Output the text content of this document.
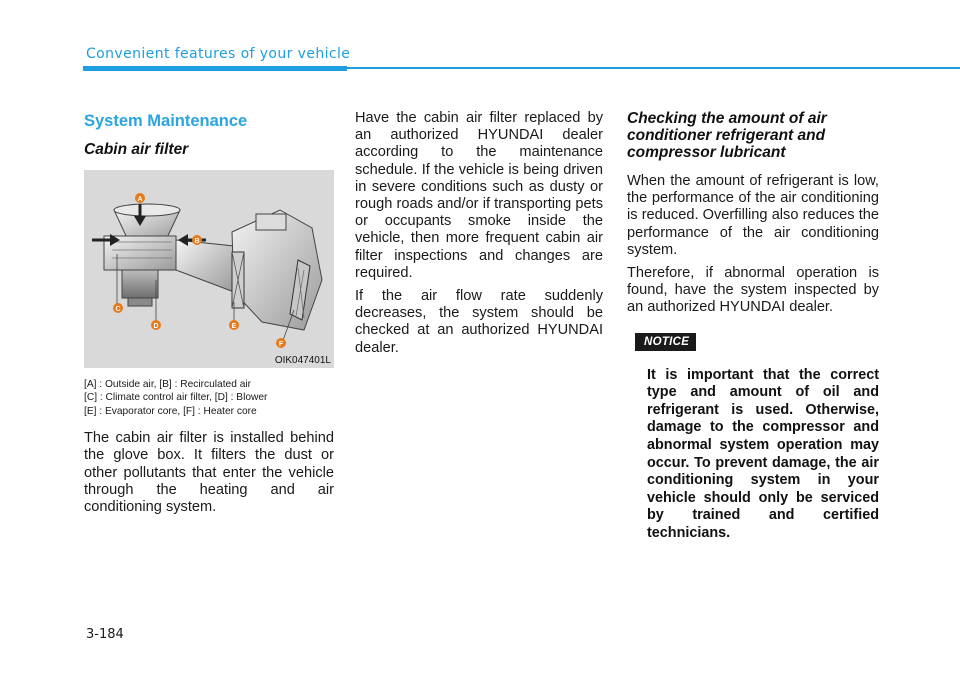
Convenient features of your vehicle
System Maintenance
Cabin air filter
A
B
C
D	E
F
OIK047401L

[A] : Outside air, [B] : Recirculated air

[C] : Climate control air filter, [D] : Blower

[E] : Evaporator core, [F] : Heater core

The cabin air filter is installed behind the glove box. It filters the dust or other pollutants that enter the vehicle through the heating and air conditioning system.

Have the cabin air filter replaced by an authorized HYUNDAI dealer according to the maintenance schedule. If the vehicle is being driven in severe conditions such as dusty or rough roads and/or if transporting pets or occupants smoke inside the vehicle, then more frequent cabin air filter inspections and changes are required.

If the air flow rate suddenly decreases, the system should be checked at an authorized HYUNDAI dealer.

Checking the amount of air conditioner refrigerant and compressor lubricant

When the amount of refrigerant is low, the performance of the air conditioning is reduced. Overfilling also reduces the performance of the air conditioning system.

Therefore, if abnormal operation is found, have the system inspected by an authorized HYUNDAI dealer.

NOTICE

It is important that the correct type and amount of oil and refrigerant is used. Otherwise, damage to the compressor and abnormal system operation may occur. To prevent damage, the air conditioning system in your vehicle should only be serviced by trained and certified technicians.

3-184
